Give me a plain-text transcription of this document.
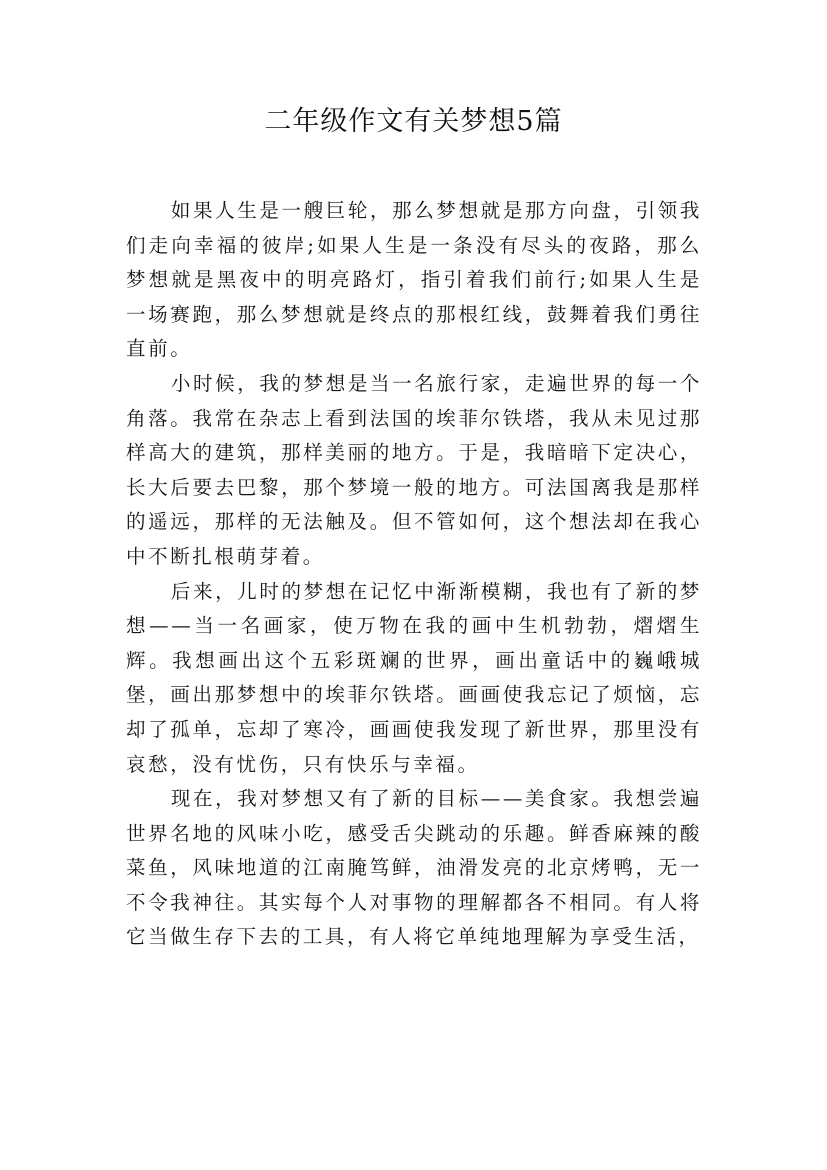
二年级作文有关梦想5篇

如果人生是一艘巨轮，那么梦想就是那方向盘，引领我们走向幸福的彼岸;如果人生是一条没有尽头的夜路，那么梦想就是黑夜中的明亮路灯，指引着我们前行;如果人生是一场赛跑，那么梦想就是终点的那根红线，鼓舞着我们勇往直前。

小时候，我的梦想是当一名旅行家，走遍世界的每一个角落。我常在杂志上看到法国的埃菲尔铁塔，我从未见过那样高大的建筑，那样美丽的地方。于是，我暗暗下定决心，长大后要去巴黎，那个梦境一般的地方。可法国离我是那样的遥远，那样的无法触及。但不管如何，这个想法却在我心中不断扎根萌芽着。

后来，儿时的梦想在记忆中渐渐模糊，我也有了新的梦想——当一名画家，使万物在我的画中生机勃勃，熠熠生辉。我想画出这个五彩斑斓的世界，画出童话中的巍峨城堡，画出那梦想中的埃菲尔铁塔。画画使我忘记了烦恼，忘却了孤单，忘却了寒冷，画画使我发现了新世界，那里没有哀愁，没有忧伤，只有快乐与幸福。

现在，我对梦想又有了新的目标——美食家。我想尝遍世界名地的风味小吃，感受舌尖跳动的乐趣。鲜香麻辣的酸菜鱼，风味地道的江南腌笃鲜，油滑发亮的北京烤鸭，无一不令我神往。其实每个人对事物的理解都各不相同。有人将它当做生存下去的工具，有人将它单纯地理解为享受生活，
